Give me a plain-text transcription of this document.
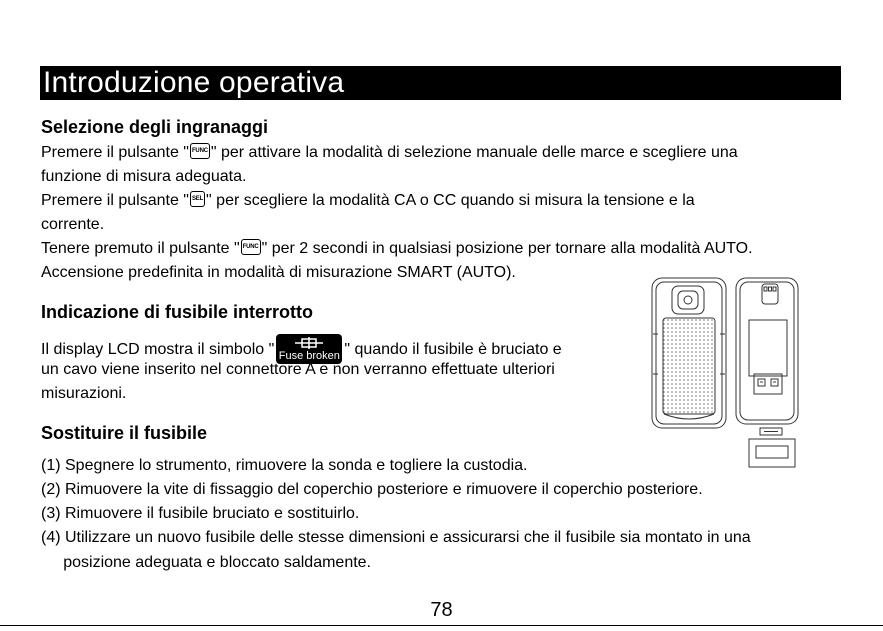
Introduzione operativa
Selezione degli ingranaggi
Premere il pulsante " FUNC " per attivare la modalità di selezione manuale delle marce e scegliere una
funzione di misura adeguata.
Premere il pulsante " SEL " per scegliere la modalità CA o CC quando si misura la tensione e la
corrente.
Tenere premuto il pulsante " FUNC " per 2 secondi in qualsiasi posizione per tornare alla modalità AUTO.
Accensione predefinita in modalità di misurazione SMART (AUTO).
Indicazione di fusibile interrotto
Il display LCD mostra il simbolo " Fuse broken " quando il fusibile è bruciato e
un cavo viene inserito nel connettore A e non verranno effettuate ulteriori
misurazioni.
Sostituire il fusibile
(1) Spegnere lo strumento, rimuovere la sonda e togliere la custodia.
(2) Rimuovere la vite di fissaggio del coperchio posteriore e rimuovere il coperchio posteriore.
(3) Rimuovere il fusibile bruciato e sostituirlo.
(4) Utilizzare un nuovo fusibile delle stesse dimensioni e assicurarsi che il fusibile sia montato in una
posizione adeguata e bloccato saldamente.
78
